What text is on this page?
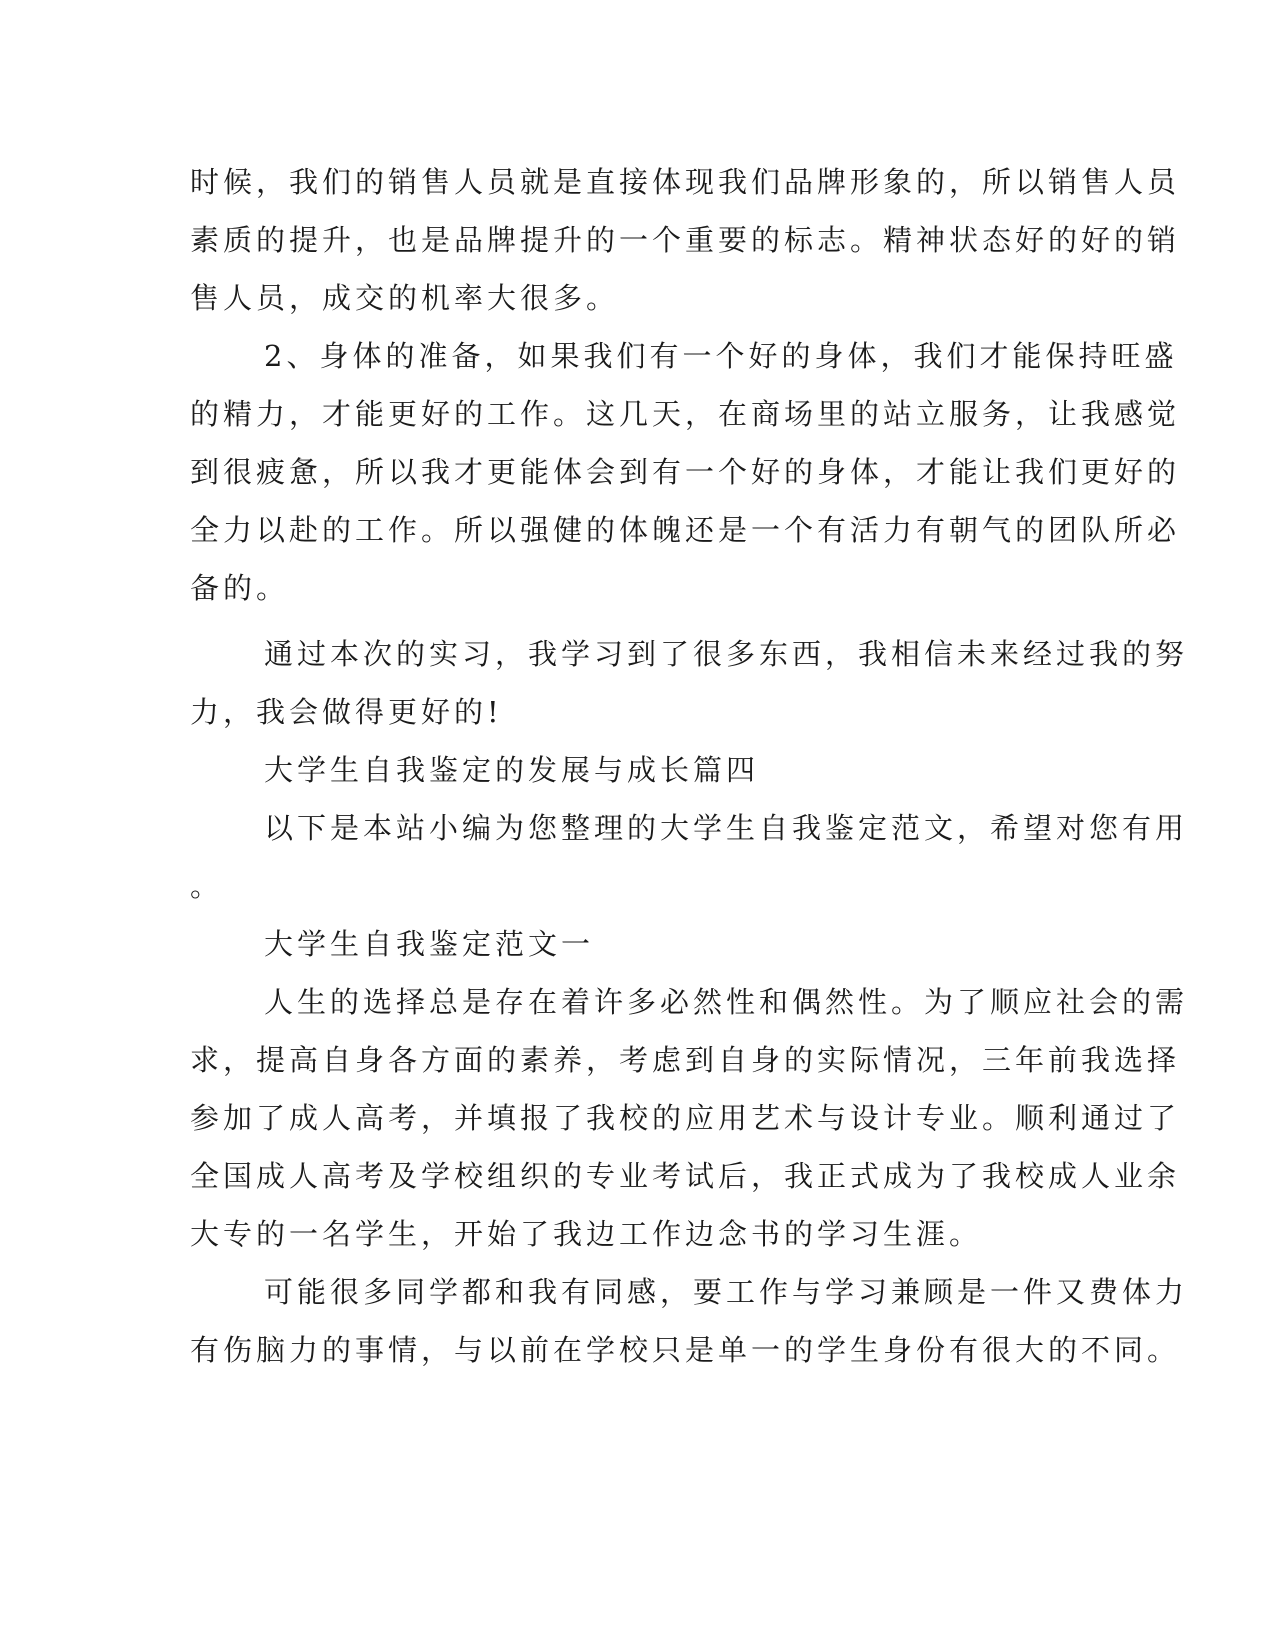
时候，我们的销售人员就是直接体现我们品牌形象的，所以销售人员
素质的提升，也是品牌提升的一个重要的标志。精神状态好的好的销
售人员，成交的机率大很多。
2、身体的准备，如果我们有一个好的身体，我们才能保持旺盛
的精力，才能更好的工作。这几天，在商场里的站立服务，让我感觉
到很疲惫，所以我才更能体会到有一个好的身体，才能让我们更好的
全力以赴的工作。所以强健的体魄还是一个有活力有朝气的团队所必
备的。
通过本次的实习，我学习到了很多东西，我相信未来经过我的努
力，我会做得更好的!
大学生自我鉴定的发展与成长篇四
以下是本站小编为您整理的大学生自我鉴定范文，希望对您有用
。
大学生自我鉴定范文一
人生的选择总是存在着许多必然性和偶然性。为了顺应社会的需
求，提高自身各方面的素养，考虑到自身的实际情况，三年前我选择
参加了成人高考，并填报了我校的应用艺术与设计专业。顺利通过了
全国成人高考及学校组织的专业考试后，我正式成为了我校成人业余
大专的一名学生，开始了我边工作边念书的学习生涯。
可能很多同学都和我有同感，要工作与学习兼顾是一件又费体力
有伤脑力的事情，与以前在学校只是单一的学生身份有很大的不同。
